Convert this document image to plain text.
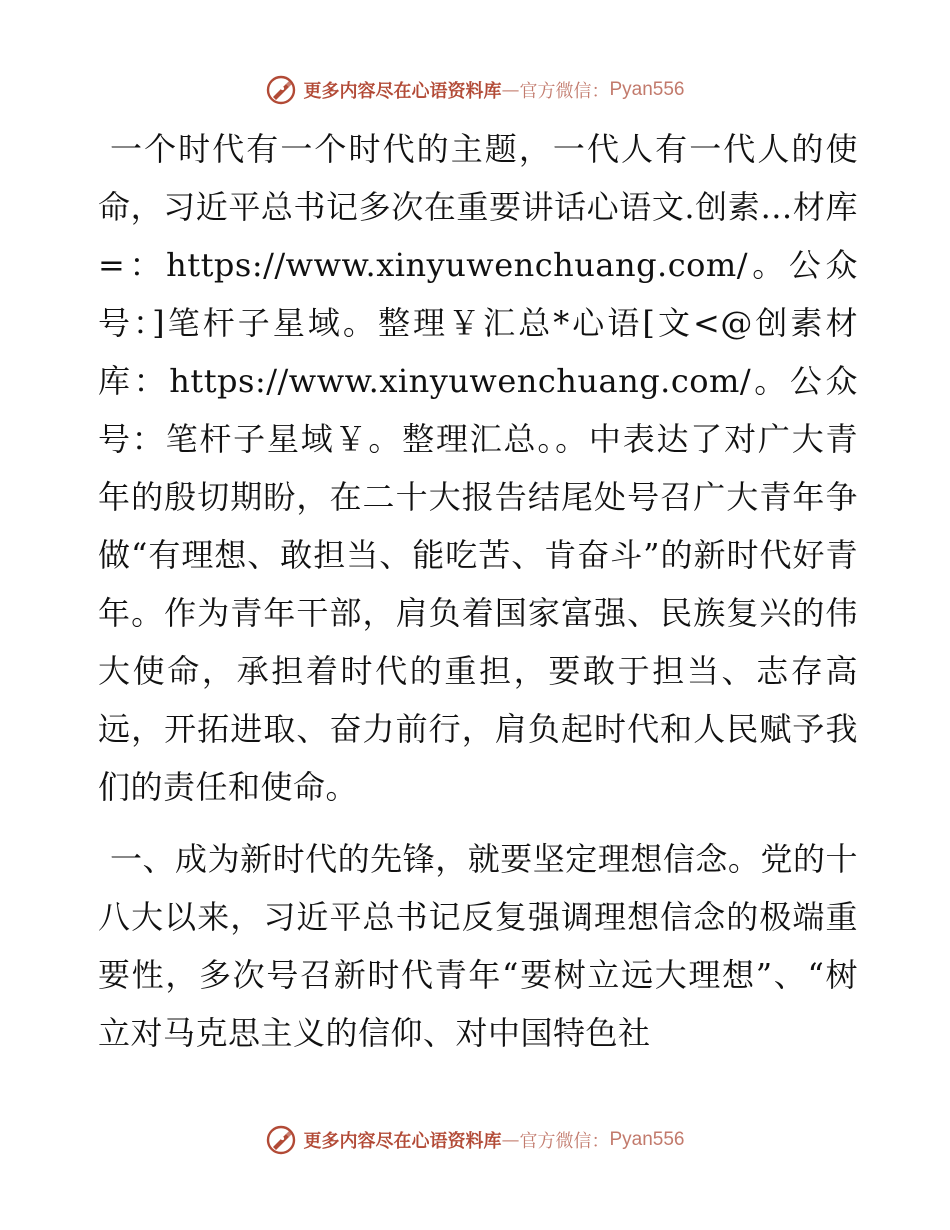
更多内容尽在心语资料库 — 官方微信： Pyan556

一个时代有一个时代的主题，一代人有一代人的使命，习近平总书记多次在重要讲话心语文.创素…材库=：https://www.xinyuwenchuang.com/。公众号：]笔杆子星域。整理￥汇总*心语[文<@创素材库：https://www.xinyuwenchuang.com/。公众号：笔杆子星域￥。整理汇总。。中表达了对广大青年的殷切期盼，在二十大报告结尾处号召广大青年争做“有理想、敢担当、能吃苦、肯奋斗”的新时代好青年。作为青年干部，肩负着国家富强、民族复兴的伟大使命，承担着时代的重担，要敢于担当、志存高远，开拓进取、奋力前行，肩负起时代和人民赋予我们的责任和使命。

一、成为新时代的先锋，就要坚定理想信念。党的十八大以来，习近平总书记反复强调理想信念的极端重要性，多次号召新时代青年“要树立远大理想”、“树立对马克思主义的信仰、对中国特色社

更多内容尽在心语资料库 — 官方微信： Pyan556
